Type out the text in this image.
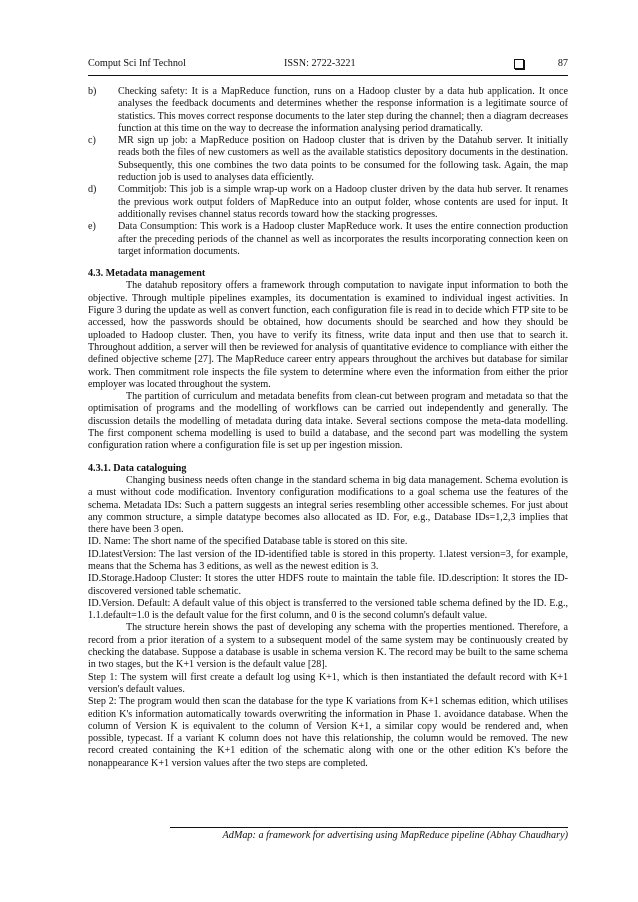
Comput Sci Inf Technol	ISSN: 2722-3221	87
b) Checking safety: It is a MapReduce function, runs on a Hadoop cluster by a data hub application. It once analyses the feedback documents and determines whether the response information is a legitimate source of statistics. This moves correct response documents to the later step during the channel; then a diagram decreases function at this time on the way to decrease the information analysing period dramatically.

c) MR sign up job: a MapReduce position on Hadoop cluster that is driven by the Datahub server. It initially reads both the files of new customers as well as the available statistics depository documents in the destination. Subsequently, this one combines the two data points to be consumed for the following task. Again, the map reduction job is used to analyses data efficiently.

d) Commitjob: This job is a simple wrap-up work on a Hadoop cluster driven by the data hub server. It renames the previous work output folders of MapReduce into an output folder, whose contents are used for input. It additionally revises channel status records toward how the stacking progresses.

e) Data Consumption: This work is a Hadoop cluster MapReduce work. It uses the entire connection production after the preceding periods of the channel as well as incorporates the results incorporating connection keen on target information documents.

4.3. Metadata management

The datahub repository offers a framework through computation to navigate input information to both the objective. Through multiple pipelines examples, its documentation is examined to individual ingest activities. In Figure 3 during the update as well as convert function, each configuration file is read in to decide which FTP site to be accessed, how the passwords should be obtained, how documents should be searched and how they should be uploaded to Hadoop cluster. Then, you have to verify its fitness, write data input and then use that to search it. Throughout addition, a server will then be reviewed for analysis of quantitative evidence to compliance with either the defined objective scheme [27]. The MapReduce career entry appears throughout the archives but database for similar work. Then commitment role inspects the file system to determine where even the information from either the prior employer was located throughout the system.

The partition of curriculum and metadata benefits from clean-cut between program and metadata so that the optimisation of programs and the modelling of workflows can be carried out independently and generally. The discussion details the modelling of metadata during data intake. Several sections compose the meta-data modelling. The first component schema modelling is used to build a database, and the second part was modelling the system configuration ration where a configuration file is set up per ingestion mission.

4.3.1. Data cataloguing

Changing business needs often change in the standard schema in big data management. Schema evolution is a must without code modification. Inventory configuration modifications to a goal schema use the features of the schema. Metadata IDs: Such a pattern suggests an integral series resembling other accessible schemes. For just about any common structure, a simple datatype becomes also allocated as ID. For, e.g., Database IDs=1,2,3 implies that there have been 3 open.

ID. Name: The short name of the specified Database table is stored on this site.

ID.latestVersion: The last version of the ID-identified table is stored in this property. 1.latest version=3, for example, means that the Schema has 3 editions, as well as the newest edition is 3.

ID.Storage.Hadoop Cluster: It stores the utter HDFS route to maintain the table file. ID.description: It stores the ID-discovered versioned table schematic.

ID.Version. Default: A default value of this object is transferred to the versioned table schema defined by the ID. E.g., 1.1.default=1.0 is the default value for the first column, and 0 is the second column's default value.

The structure herein shows the past of developing any schema with the properties mentioned. Therefore, a record from a prior iteration of a system to a subsequent model of the same system may be continuously created by checking the database. Suppose a database is usable in schema version K. The record may be built to the same schema in two stages, but the K+1 version is the default value [28].

Step 1: The system will first create a default log using K+1, which is then instantiated the default record with K+1 version's default values.

Step 2: The program would then scan the database for the type K variations from K+1 schemas edition, which utilises edition K's information automatically towards overwriting the information in Phase 1. avoidance database. When the column of Version K is equivalent to the column of Version K+1, a similar copy would be rendered and, when possible, typecast. If a variant K column does not have this relationship, the column would be removed. The new record created containing the K+1 edition of the schematic along with one or the other edition K's before the nonappearance K+1 version values after the two steps are completed.

AdMap: a framework for advertising using MapReduce pipeline (Abhay Chaudhary)
